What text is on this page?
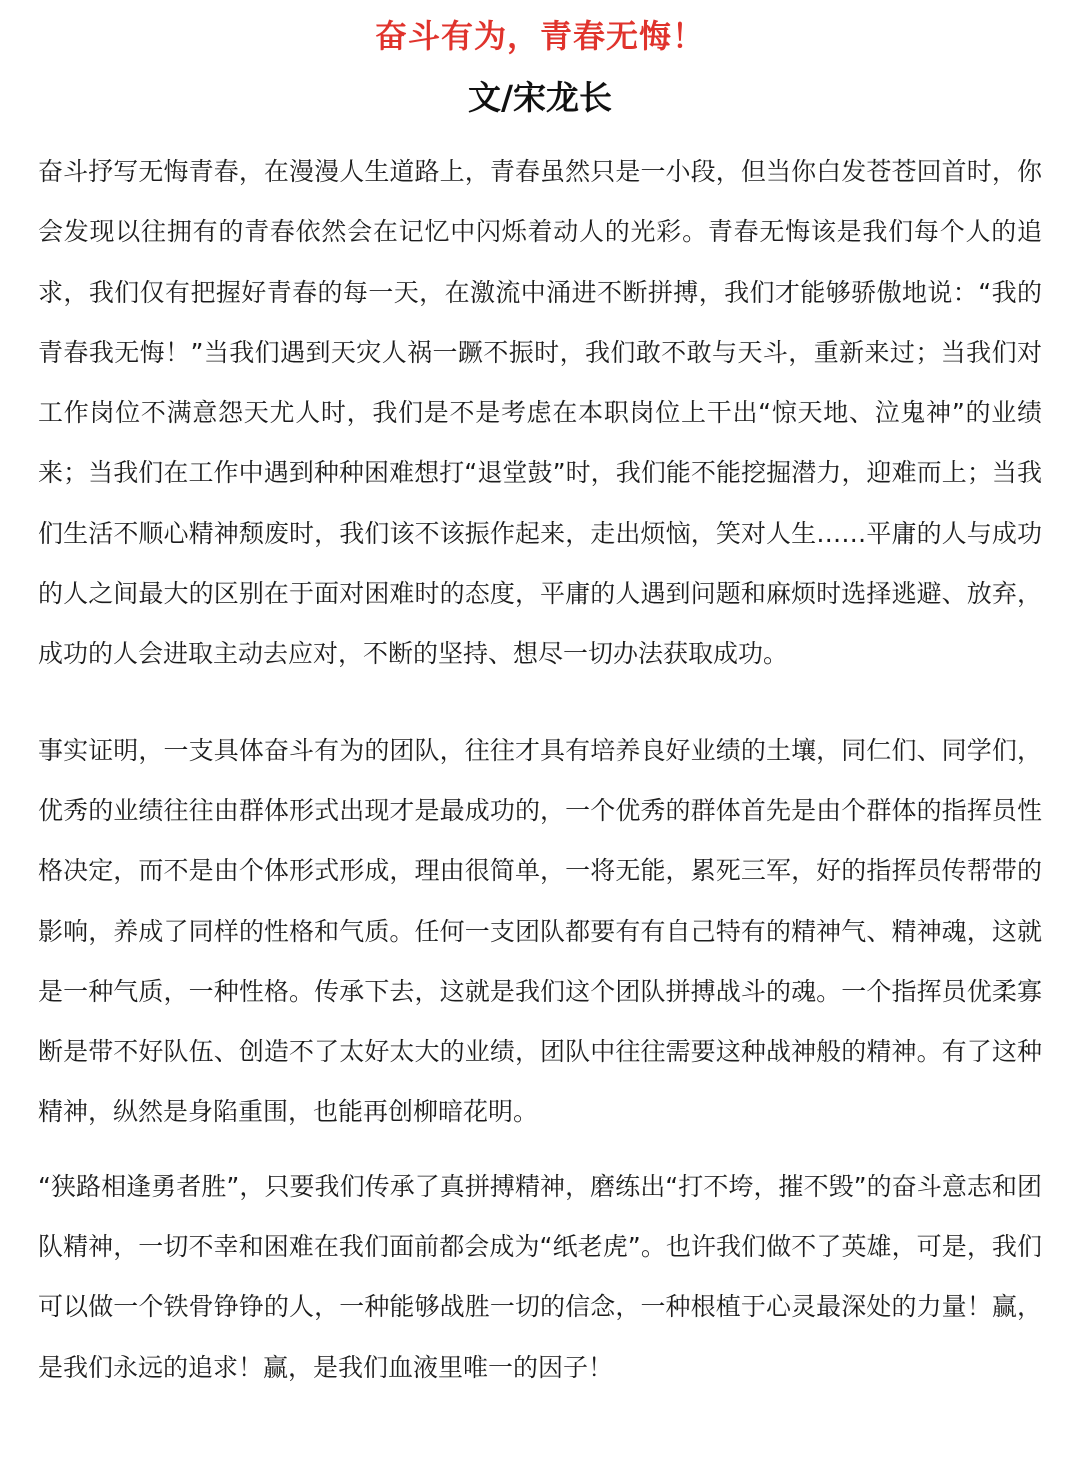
奋斗有为，青春无悔！
文/宋龙长

奋斗抒写无悔青春，在漫漫人生道路上，青春虽然只是一小段，但当你白发苍苍回首时，你会发现以往拥有的青春依然会在记忆中闪烁着动人的光彩。青春无悔该是我们每个人的追求，我们仅有把握好青春的每一天，在激流中涌进不断拼搏，我们才能够骄傲地说：“我的青春我无悔！”当我们遇到天灾人祸一蹶不振时，我们敢不敢与天斗，重新来过；当我们对工作岗位不满意怨天尤人时，我们是不是考虑在本职岗位上干出“惊天地、泣鬼神”的业绩来；当我们在工作中遇到种种困难想打“退堂鼓”时，我们能不能挖掘潜力，迎难而上；当我们生活不顺心精神颓废时，我们该不该振作起来，走出烦恼，笑对人生……平庸的人与成功的人之间最大的区别在于面对困难时的态度，平庸的人遇到问题和麻烦时选择逃避、放弃，成功的人会进取主动去应对，不断的坚持、想尽一切办法获取成功。

事实证明，一支具体奋斗有为的团队，往往才具有培养良好业绩的土壤，同仁们、同学们，优秀的业绩往往由群体形式出现才是最成功的，一个优秀的群体首先是由个群体的指挥员性格决定，而不是由个体形式形成，理由很简单，一将无能，累死三军，好的指挥员传帮带的影响，养成了同样的性格和气质。任何一支团队都要有有自己特有的精神气、精神魂，这就是一种气质，一种性格。传承下去，这就是我们这个团队拼搏战斗的魂。一个指挥员优柔寡断是带不好队伍、创造不了太好太大的业绩，团队中往往需要这种战神般的精神。有了这种精神，纵然是身陷重围，也能再创柳暗花明。

“狭路相逢勇者胜”，只要我们传承了真拼搏精神，磨练出“打不垮，摧不毁”的奋斗意志和团队精神，一切不幸和困难在我们面前都会成为“纸老虎”。也许我们做不了英雄，可是，我们可以做一个铁骨铮铮的人，一种能够战胜一切的信念，一种根植于心灵最深处的力量！赢，是我们永远的追求！赢，是我们血液里唯一的因子！
